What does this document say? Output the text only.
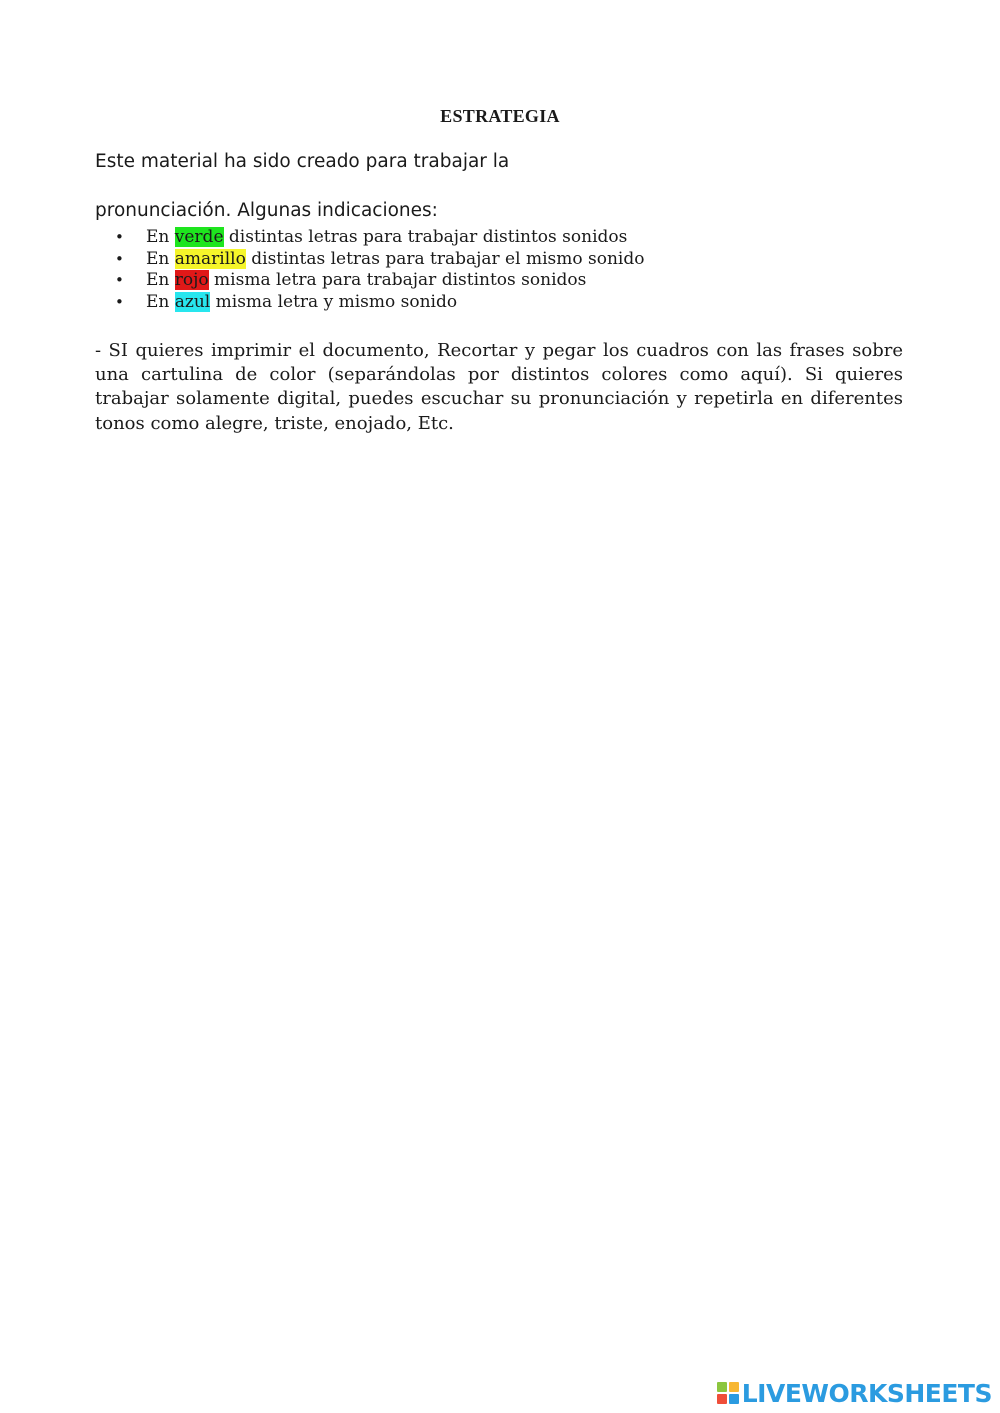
ESTRATEGIA
Este material ha sido creado para trabajar la
pronunciación. Algunas indicaciones:
• En verde distintas letras para trabajar distintos sonidos
• En amarillo distintas letras para trabajar el mismo sonido
• En rojo misma letra para trabajar distintos sonidos
• En azul misma letra y mismo sonido
- SI quieres imprimir el documento, Recortar y pegar los cuadros con las frases sobre una cartulina de color (separándolas por distintos colores como aquí). Si quieres trabajar solamente digital, puedes escuchar su pronunciación y repetirla en diferentes tonos como alegre, triste, enojado, Etc.
LIVEWORKSHEETS
